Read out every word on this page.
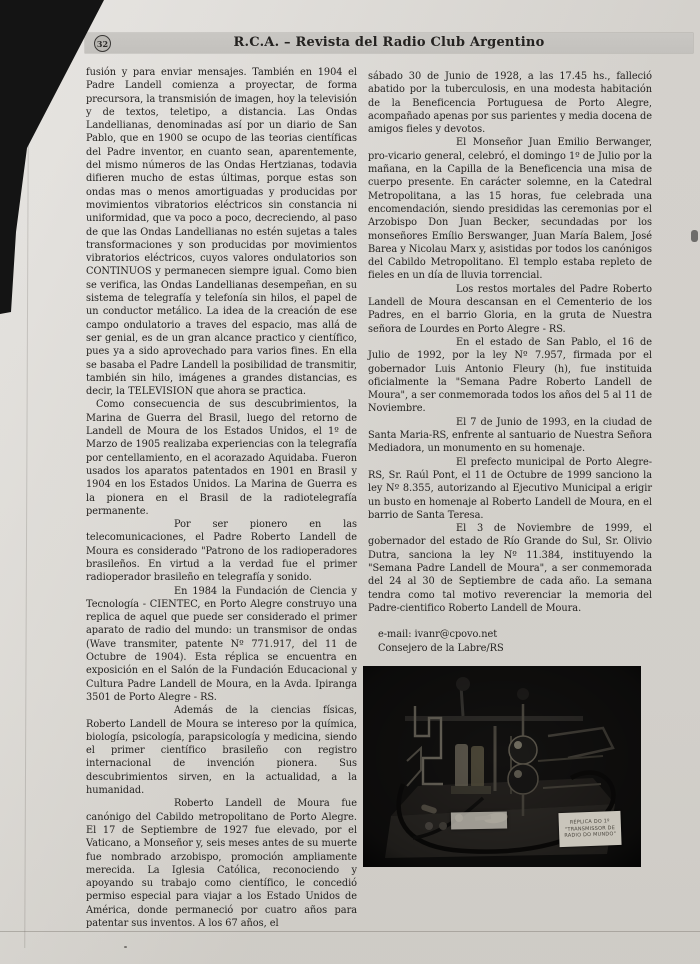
32	R.C.A. – Revista del Radio Club Argentino

fusión y para enviar mensajes. También en 1904 el Padre Landell comienza a proyectar, de forma precursora, la transmisión de imagen, hoy la televisión y de textos, teletipo, a distancia. Las Ondas Landellianas, denominadas así por un diario de San Pablo, que en 1900 se ocupo de las teorias científicas del Padre inventor, en cuanto sean, aparentemente, del mismo números de las Ondas Hertzianas, todavia difieren mucho de estas últimas, porque estas son ondas mas o menos amortiguadas y producidas por movimientos vibratorios eléctricos sin constancia ni uniformidad, que va poco a poco, decreciendo, al paso de que las Ondas Landellianas no estén sujetas a tales transformaciones y son producidas por movimientos vibratorios eléctricos, cuyos valores ondulatorios son CONTINUOS y permanecen siempre igual. Como bien se verifica, las Ondas Landellianas desempeñan, en su sistema de telegrafía y telefonía sin hilos, el papel de un conductor metálico. La idea de la creación de ese campo ondulatorio a traves del espacio, mas allá de ser genial, es de un gran alcance practico y científico, pues ya a sido aprovechado para varios fines. En ella se basaba el Padre Landell la posibilidad de transmitir, también sin hilo, imágenes a grandes distancias, es decir, la TELEVISION que ahora se practica.

Como consecuencia de sus descubrimientos, la Marina de Guerra del Brasil, luego del retorno de Landell de Moura de los Estados Unidos, el 1º de Marzo de 1905 realizaba experiencias con la telegrafía por centellamiento, en el acorazado Aquidaba. Fueron usados los aparatos patentados en 1901 en Brasil y 1904 en los Estados Unidos. La Marina de Guerra es la pionera en el Brasil de la radiotelegrafía permanente.

Por ser pionero en las telecomunicaciones, el Padre Roberto Landell de Moura es considerado "Patrono de los radioperadores brasileños. En virtud a la verdad fue el primer radioperador brasileño en telegrafía y sonido.

En 1984 la Fundación de Ciencia y Tecnología - CIENTEC, en Porto Alegre construyo una replica de aquel que puede ser considerado el primer aparato de radio del mundo: un transmisor de ondas (Wave transmiter, patente Nº 771.917, del 11 de Octubre de 1904). Esta réplica se encuentra en exposición en el Salón de la Fundación Educacional y Cultura Padre Landell de Moura, en la Avda. Ipiranga 3501 de Porto Alegre - RS.

Además de la ciencias físicas, Roberto Landell de Moura se intereso por la química, biología, psicología, parapsicología y medicina, siendo el primer científico brasileño con registro internacional de invención pionera. Sus descubrimientos sirven, en la actualidad, a la humanidad.

Roberto Landell de Moura fue canónigo del Cabildo metropolitano de Porto Alegre. El 17 de Septiembre de 1927 fue elevado, por el Vaticano, a Monseñor y, seis meses antes de su muerte fue nombrado arzobispo, promoción ampliamente merecida. La Iglesia Católica, reconociendo y apoyando su trabajo como científico, le concedió permiso especial para viajar a los Estado Unidos de América, donde permaneció por cuatro años para patentar sus inventos. A los 67 años, el

sábado 30 de Junio de 1928, a las 17.45 hs., falleció abatido por la tuberculosis, en una modesta habitación de la Beneficencia Portuguesa de Porto Alegre, acompañado apenas por sus parientes y media docena de amigos fieles y devotos.

El Monseñor Juan Emilio Berwanger, pro-vicario general, celebró, el domingo 1º de Julio por la mañana, en la Capilla de la Beneficencia una misa de cuerpo presente. En carácter solemne, en la Catedral Metropolitana, a las 15 horas, fue celebrada una encomendación, siendo presididas las ceremonias por el Arzobispo Don Juan Becker, secundadas por los monseñores Emílio Berswanger, Juan María Balem, José Barea y Nicolau Marx y, asistidas por todos los canónigos del Cabildo Metropolitano. El templo estaba repleto de fieles en un día de lluvia torrencial.

Los restos mortales del Padre Roberto Landell de Moura descansan en el Cementerio de los Padres, en el barrio Gloria, en la gruta de Nuestra señora de Lourdes en Porto Alegre - RS.

En el estado de San Pablo, el 16 de Julio de 1992, por la ley Nº 7.957, firmada por el gobernador Luis Antonio Fleury (h), fue instituida oficialmente la "Semana Padre Roberto Landell de Moura", a ser conmemorada todos los años del 5 al 11 de Noviembre.

El 7 de Junio de 1993, en la ciudad de Santa Maria-RS, enfrente al santuario de Nuestra Señora Mediadora, un monumento en su homenaje.

El prefecto municipal de Porto Alegre-RS, Sr. Raúl Pont, el 11 de Octubre de 1999 sanciono la ley Nº 8.355, autorizando al Ejecutivo Municipal a erigir un busto en homenaje al Roberto Landell de Moura, en el barrio de Santa Teresa.

El 3 de Noviembre de 1999, el gobernador del estado de Río Grande do Sul, Sr. Olivio Dutra, sanciona la ley Nº 11.384, instituyendo la "Semana Padre Landell de Moura", a ser conmemorada del 24 al 30 de Septiembre de cada año. La semana tendra como tal motivo reverenciar la memoria del Padre-cientifico Roberto Landell de Moura.

e-mail: ivanr@cpovo.net
Consejero de la Labre/RS
RÉPLICA DO 1º
"TRANSMISSOR DE
RADIO DO MUNDO"
